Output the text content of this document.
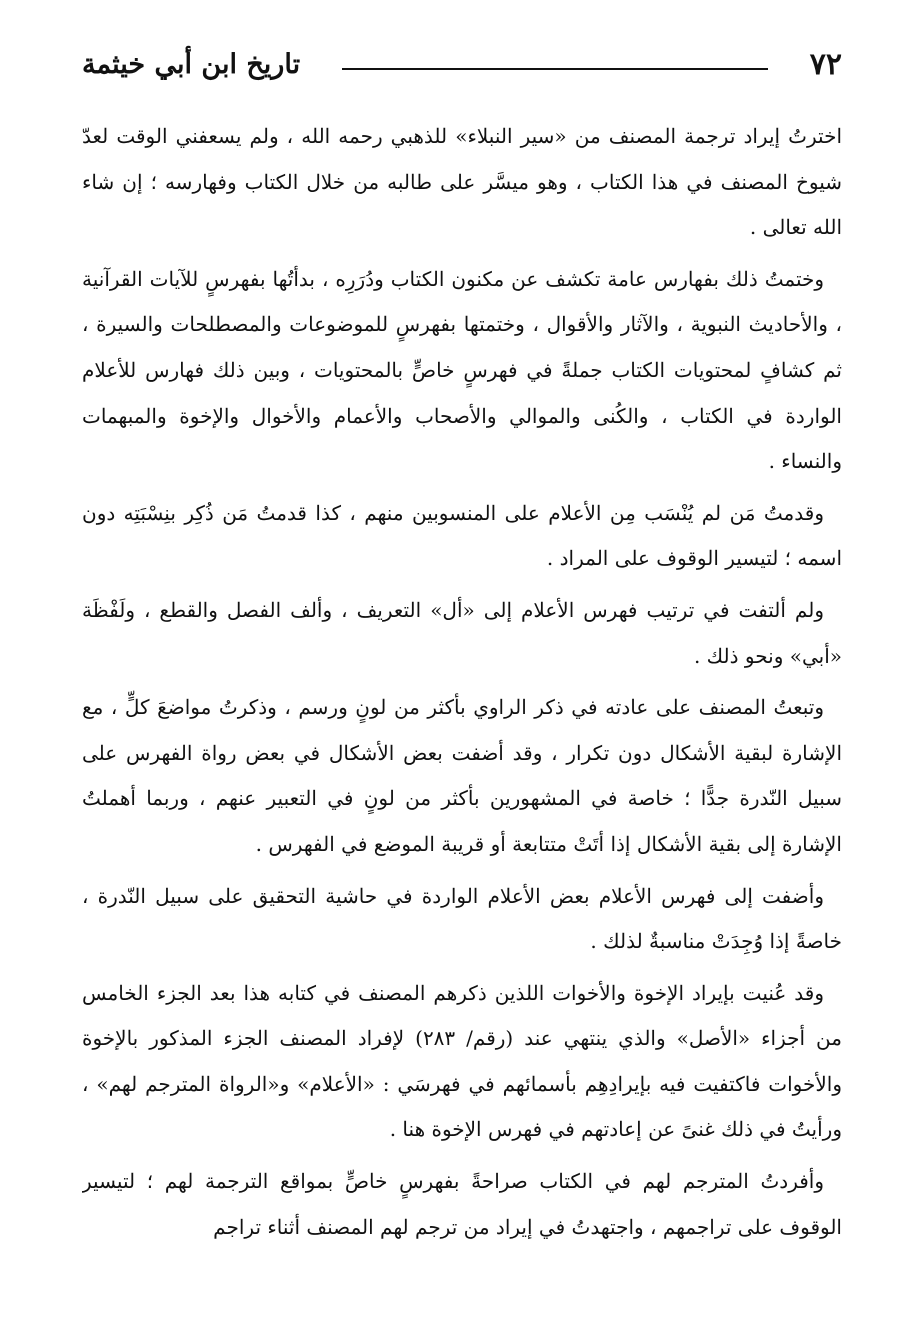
٧٢
تاريخ ابن أبي خيثمة

اخترتُ إيراد ترجمة المصنف من «سير النبلاء» للذهبي رحمه الله ، ولم يسعفني الوقت لعدّ شيوخ المصنف في هذا الكتاب ، وهو ميسَّر على طالبه من خلال الكتاب وفهارسه ؛ إن شاء الله تعالى .

وختمتُ ذلك بفهارس عامة تكشف عن مكنون الكتاب ودُرَرِه ، بدأتُها بفهرسٍ للآيات القرآنية ، والأحاديث النبوية ، والآثار والأقوال ، وختمتها بفهرسٍ للموضوعات والمصطلحات والسيرة ، ثم كشافٍ لمحتويات الكتاب جملةً في فهرسٍ خاصٍّ بالمحتويات ، وبين ذلك فهارس للأعلام الواردة في الكتاب ، والكُنى والموالي والأصحاب والأعمام والأخوال والإخوة والمبهمات والنساء .

وقدمتُ مَن لم يُنْسَب مِن الأعلام على المنسوبين منهم ، كذا قدمتُ مَن ذُكِر بنِسْبَتِه دون اسمه ؛ لتيسير الوقوف على المراد .

ولم ألتفت في ترتيب فهرس الأعلام إلى «أل» التعريف ، وألف الفصل والقطع ، ولَفْظَة «أبي» ونحو ذلك .

وتبعتُ المصنف على عادته في ذكر الراوي بأكثر من لونٍ ورسم ، وذكرتُ مواضعَ كلٍّ ، مع الإشارة لبقية الأشكال دون تكرار ، وقد أضفت بعض الأشكال في بعض رواة الفهرس على سبيل النّدرة جدًّا ؛ خاصة في المشهورين بأكثر من لونٍ في التعبير عنهم ، وربما أهملتُ الإشارة إلى بقية الأشكال إذا أتَتْ متتابعة أو قريبة الموضع في الفهرس .

وأضفت إلى فهرس الأعلام بعض الأعلام الواردة في حاشية التحقيق على سبيل النّدرة ، خاصةً إذا وُجِدَتْ مناسبةٌ لذلك .

وقد عُنيت بإيراد الإخوة والأخوات اللذين ذكرهم المصنف في كتابه هذا بعد الجزء الخامس من أجزاء «الأصل» والذي ينتهي عند (رقم/ ٢٨٣) لإفراد المصنف الجزء المذكور بالإخوة والأخوات فاكتفيت فيه بإيرادِهِم بأسمائهم في فهرسَي : «الأعلام» و«الرواة المترجم لهم» ، ورأيتُ في ذلك غنىً عن إعادتهم في فهرس الإخوة هنا .

وأفردتُ المترجم لهم في الكتاب صراحةً بفهرسٍ خاصٍّ بمواقع الترجمة لهم ؛ لتيسير الوقوف على تراجمهم ، واجتهدتُ في إيراد من ترجم لهم المصنف أثناء تراجم
